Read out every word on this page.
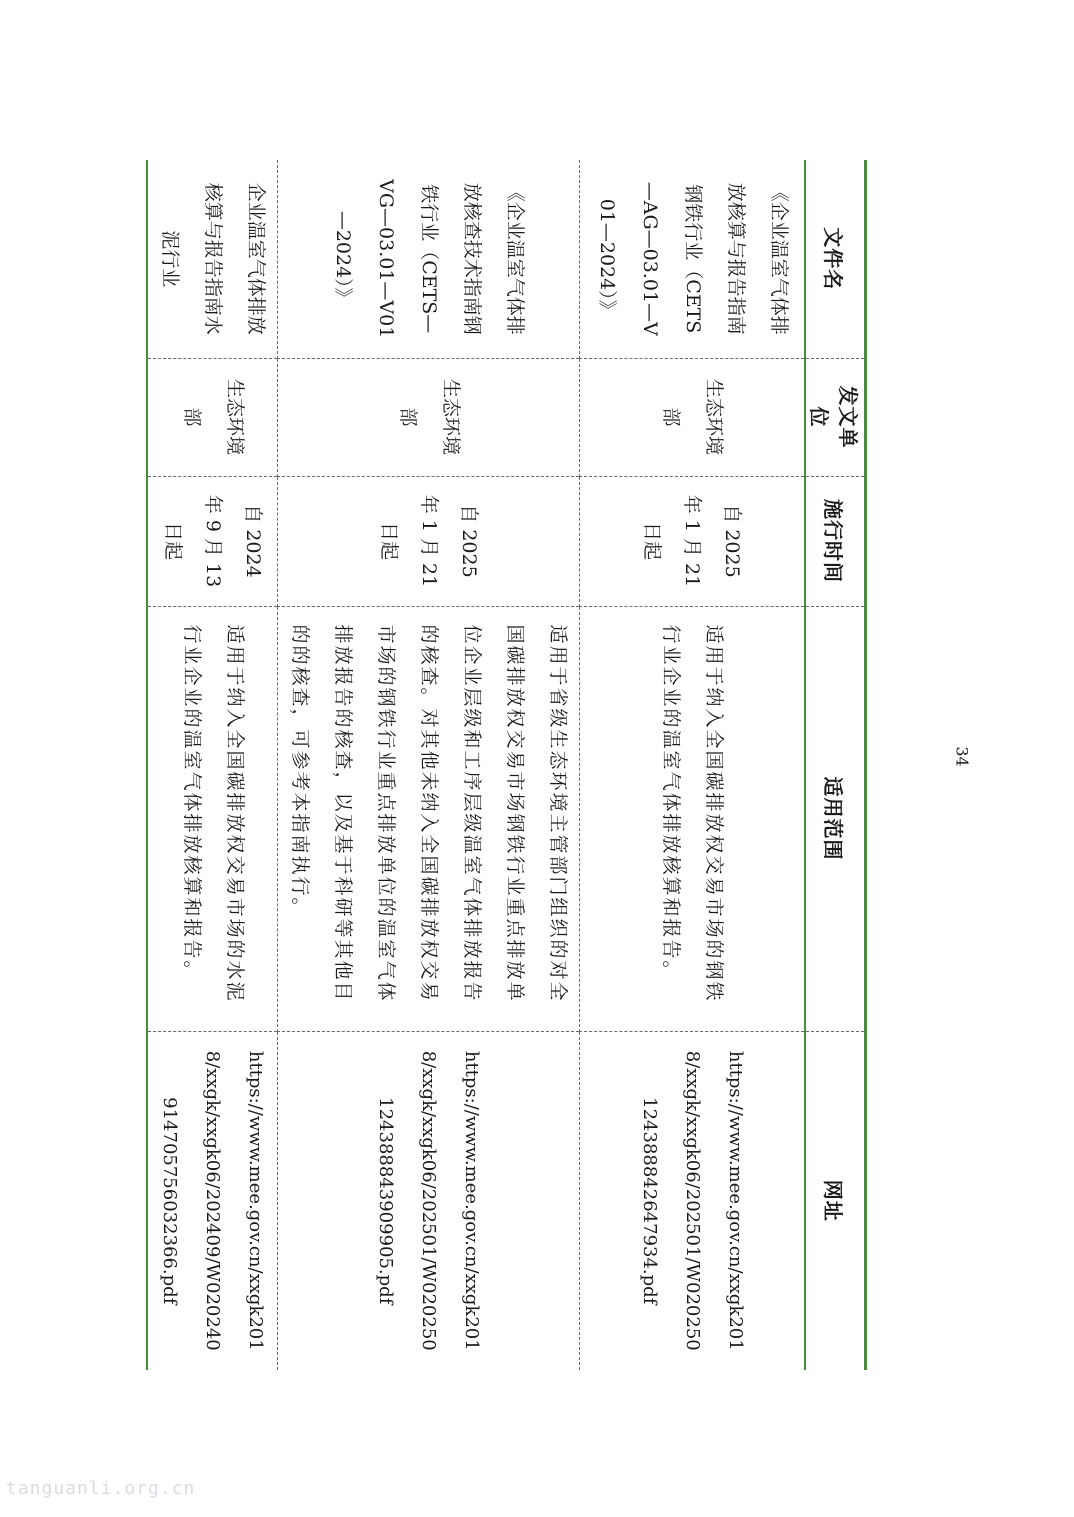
文件名	发文单位	施行时间	适用范围	网址
《企业温室气体排放核算与报告指南钢铁行业（CETS—AG—03.01—V01—2024）》	生态环境部	自 2025 年 1 月 21 日起	适用于纳入全国碳排放权交易市场的钢铁行业企业的温室气体排放核算和报告。	https://www.mee.gov.cn/xxgk2018/xxgk/xxgk06/202501/W020250124388842647934.pdf
《企业温室气体排放核查技术指南钢铁行业（CETS—VG—03.01—V01—2024）》	生态环境部	自 2025 年 1 月 21 日起	适用于省级生态环境主管部门组织的对全国碳排放权交易市场钢铁行业重点排放单位企业层级和工序层级温室气体排放报告的核查。对其他未纳入全国碳排放权交易市场的钢铁行业重点排放单位的温室气体排放报告的核查，以及基于科研等其他目的的核查，可参考本指南执行。	https://www.mee.gov.cn/xxgk2018/xxgk/xxgk06/202501/W020250124388843909905.pdf
企业温室气体排放核算与报告指南水泥行业	生态环境部	自 2024 年 9 月 13 日起	适用于纳入全国碳排放权交易市场的水泥行业企业的温室气体排放核算和报告。	https://www.mee.gov.cn/xxgk2018/xxgk/xxgk06/202409/W020240914705756032366.pdf
34
tanguanli.org.cn
